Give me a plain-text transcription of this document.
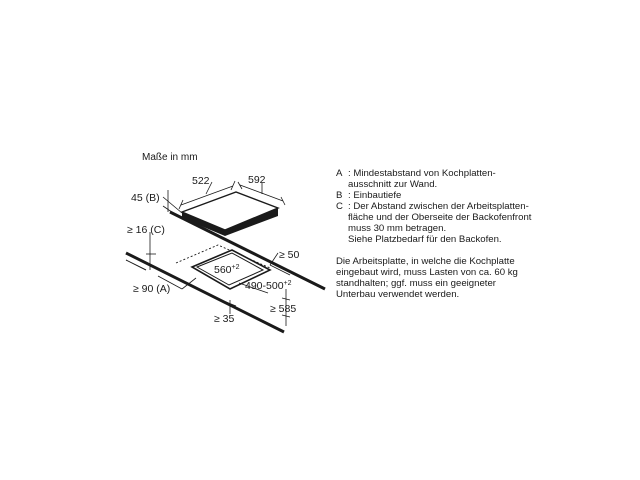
Maße in mm
522	592
45 (B)
≥ 16 (C)
$560^{+2}$
≥ 50
$490-500^{+2}$
≥ 90 (A)
≥ 35
≥ 585
A : Mindestabstand von Kochplatten-
ausschnitt zur Wand.
B : Einbautiefe
C : Der Abstand zwischen der Arbeitsplatten-
fläche und der Oberseite der Backofenfront
muss 30 mm betragen.
Siehe Platzbedarf für den Backofen.
Die Arbeitsplatte, in welche die Kochplatte
eingebaut wird, muss Lasten von ca. 60 kg
standhalten; ggf. muss ein geeigneter
Unterbau verwendet werden.
